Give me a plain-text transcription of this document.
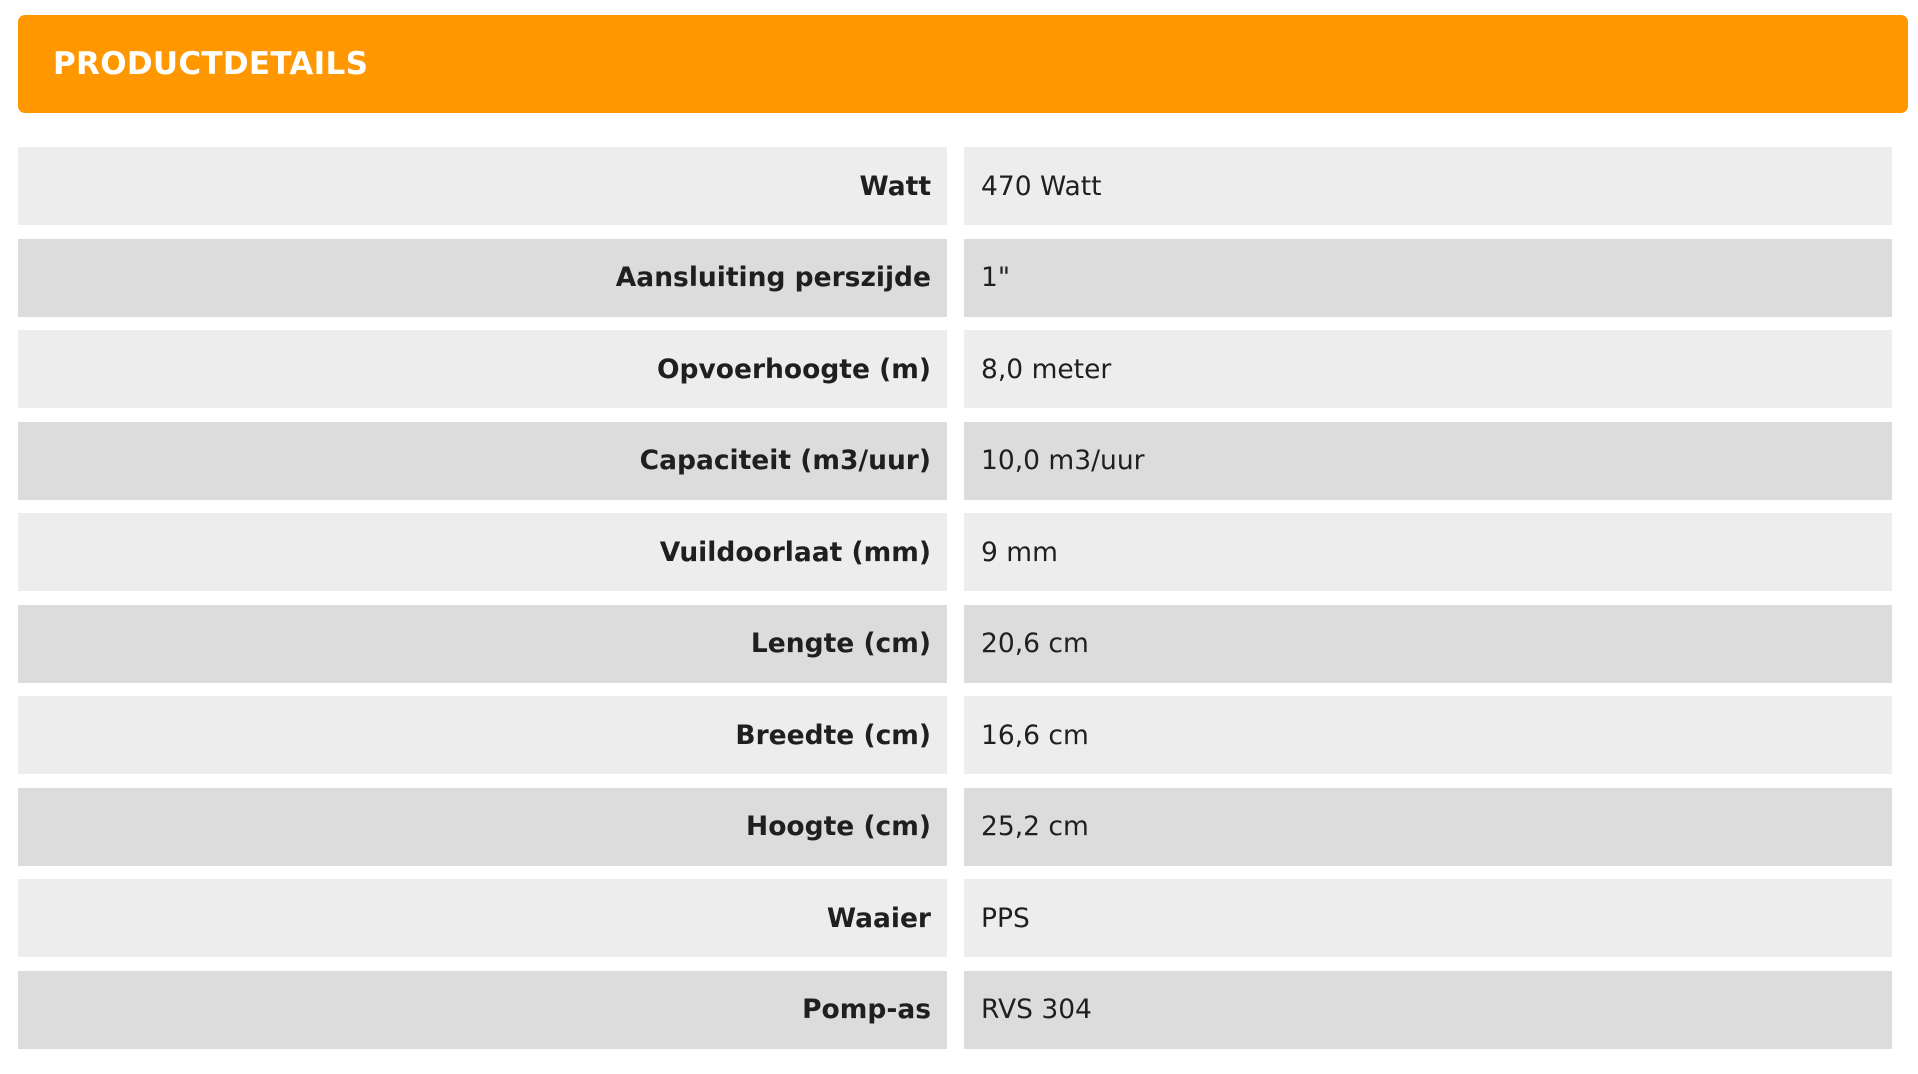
PRODUCTDETAILS
Watt	470 Watt
Aansluiting perszijde	1"
Opvoerhoogte (m)	8,0 meter
Capaciteit (m3/uur)	10,0 m3/uur
Vuildoorlaat (mm)	9 mm
Lengte (cm)	20,6 cm
Breedte (cm)	16,6 cm
Hoogte (cm)	25,2 cm
Waaier	PPS
Pomp-as	RVS 304
